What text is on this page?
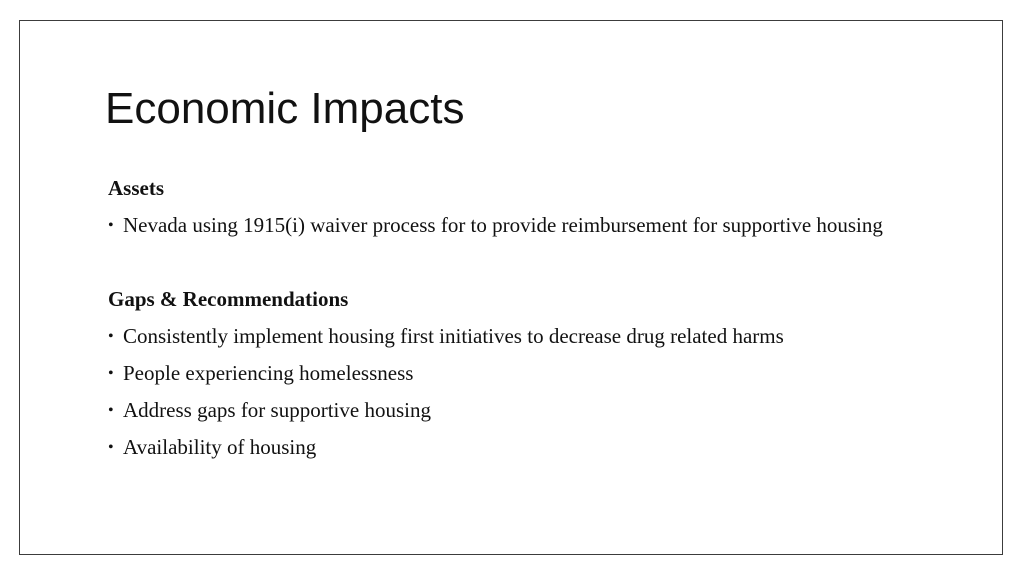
Economic Impacts
Assets
• Nevada using 1915(i) waiver process for to provide reimbursement for supportive housing
Gaps & Recommendations
• Consistently implement housing first initiatives to decrease drug related harms
• People experiencing homelessness
• Address gaps for supportive housing
• Availability of housing
